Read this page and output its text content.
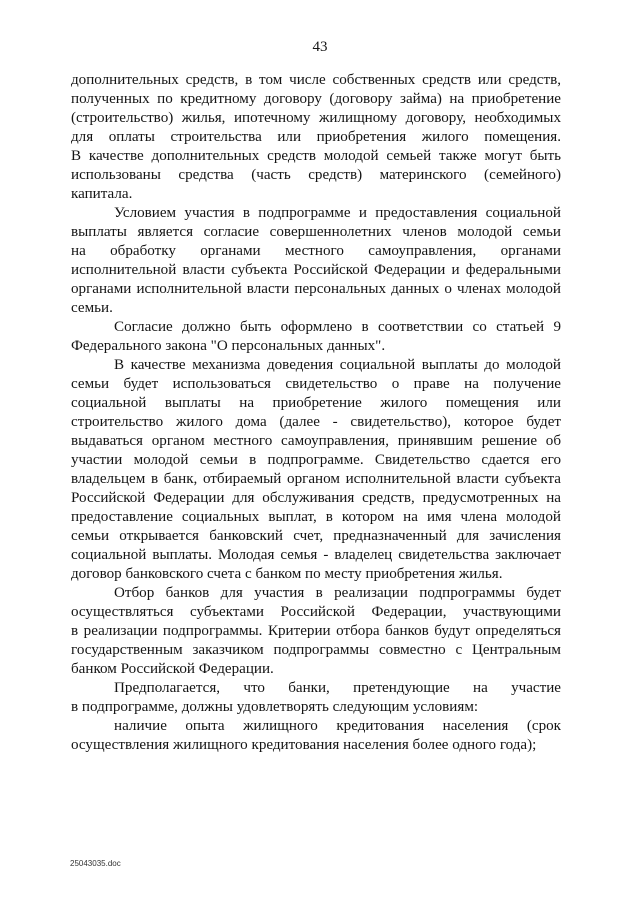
43
дополнительных средств, в том числе собственных средств или средств,
полученных по кредитному договору (договору займа) на приобретение
(строительство) жилья, ипотечному жилищному договору, необходимых
для оплаты строительства или приобретения жилого помещения.
В качестве дополнительных средств молодой семьей также могут быть
использованы средства (часть средств) материнского (семейного)
капитала.
Условием участия в подпрограмме и предоставления социальной
выплаты является согласие совершеннолетних членов молодой семьи
на обработку органами местного самоуправления, органами
исполнительной власти субъекта Российской Федерации и федеральными
органами исполнительной власти персональных данных о членах молодой
семьи.
Согласие должно быть оформлено в соответствии со статьей 9
Федерального закона "О персональных данных".
В качестве механизма доведения социальной выплаты до молодой
семьи будет использоваться свидетельство о праве на получение
социальной выплаты на приобретение жилого помещения или
строительство жилого дома (далее - свидетельство), которое будет
выдаваться органом местного самоуправления, принявшим решение об
участии молодой семьи в подпрограмме. Свидетельство сдается его
владельцем в банк, отбираемый органом исполнительной власти субъекта
Российской Федерации для обслуживания средств, предусмотренных на
предоставление социальных выплат, в котором на имя члена молодой
семьи открывается банковский счет, предназначенный для зачисления
социальной выплаты. Молодая семья - владелец свидетельства заключает
договор банковского счета с банком по месту приобретения жилья.
Отбор банков для участия в реализации подпрограммы будет
осуществляться субъектами Российской Федерации, участвующими
в реализации подпрограммы. Критерии отбора банков будут определяться
государственным заказчиком подпрограммы совместно с Центральным
банком Российской Федерации.
Предполагается, что банки, претендующие на участие
в подпрограмме, должны удовлетворять следующим условиям:
наличие опыта жилищного кредитования населения (срок
осуществления жилищного кредитования населения более одного года);
25043035.doc
